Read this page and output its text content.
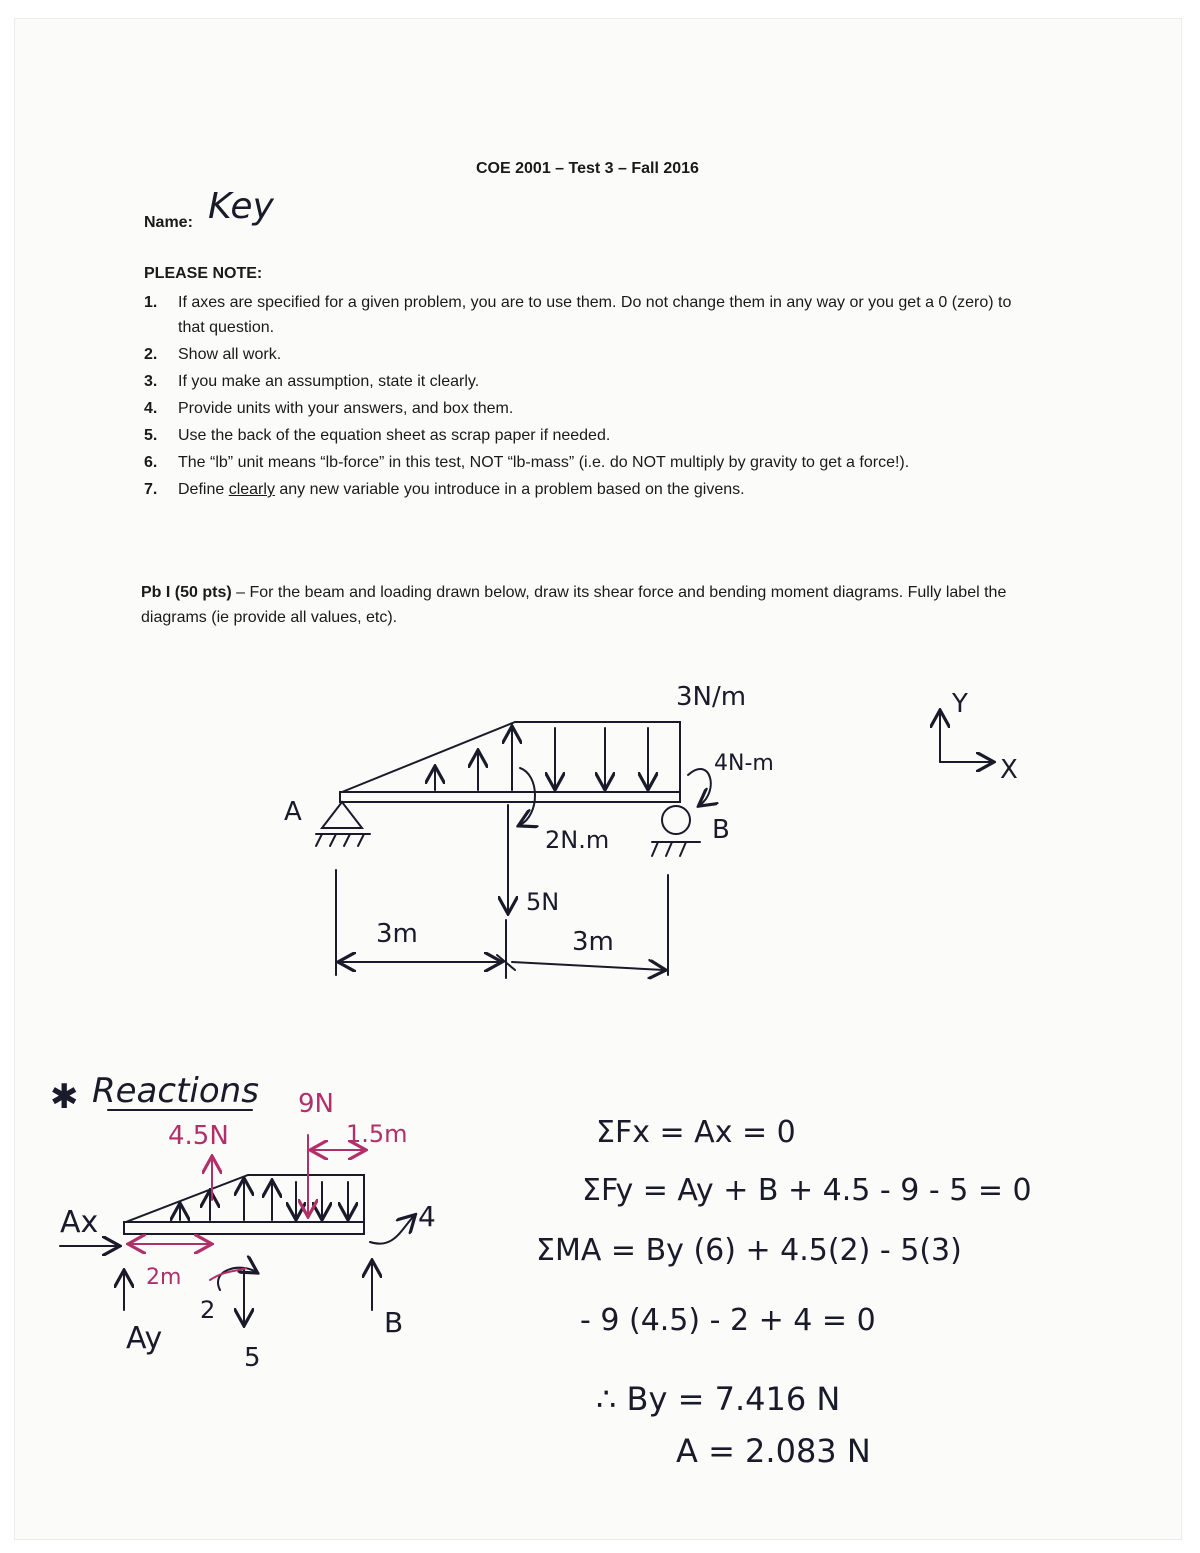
COE 2001 – Test 3 – Fall 2016
Name: Key
PLEASE NOTE:
1. If axes are specified for a given problem, you are to use them. Do not change them in any way or you get a 0 (zero) to that question.
2. Show all work.
3. If you make an assumption, state it clearly.
4. Provide units with your answers, and box them.
5. Use the back of the equation sheet as scrap paper if needed.
6. The “lb” unit means “lb-force” in this test, NOT “lb-mass” (i.e. do NOT multiply by gravity to get a force!).
7. Define clearly any new variable you introduce in a problem based on the givens.
Pb I (50 pts) – For the beam and loading drawn below, draw its shear force and bending moment diagrams. Fully label the diagrams (ie provide all values, etc).
3N/m
4N-m
2N.m
5N
A
B
3m	3m
Y
X
✱ Reactions
4.5N
9N
1.5m
2m
Ax
Ay
2
5
4
B
ΣFx = Ax = 0
ΣFy = Ay + B + 4.5 - 9 - 5 = 0
ΣMA = By (6) + 4.5(2) - 5(3)
- 9 (4.5) - 2 + 4 = 0
∴ By = 7.416 N
A = 2.083 N
